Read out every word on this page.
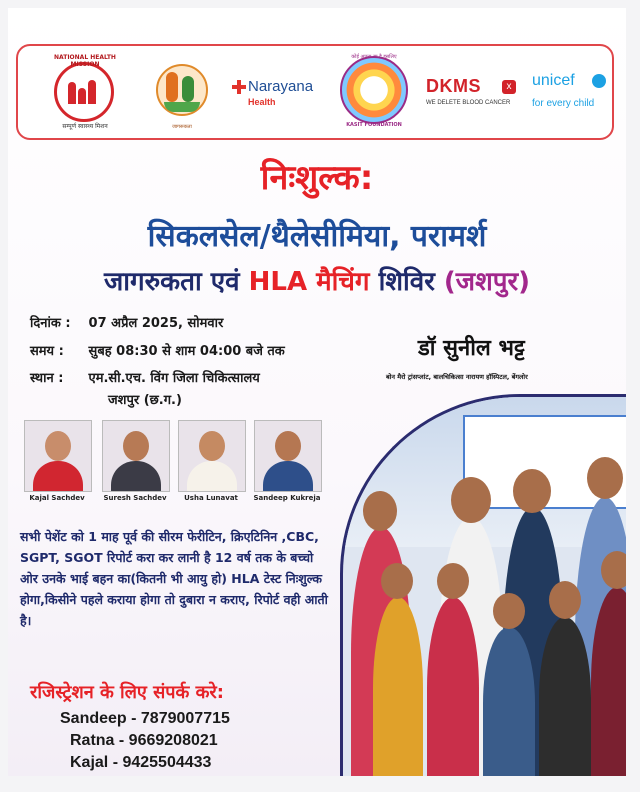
NATIONAL HEALTH MISSION
सम्पूर्ण स्वास्थ्य मिशन	जागरूकता
Narayana
Health
कोई अपना सा है इसलिए
KASIT FOUNDATION
DKMS	x
WE DELETE BLOOD CANCER
unicef
for every child
निःशुल्क:
सिकलसेल/थैलेसीमिया, परामर्श
जागरुकता एवं HLA मैचिंग शिविर (जशपुर)
दिनांक : 07 अप्रैल 2025, सोमवार
समय : सुबह 08:30 से शाम 04:00 बजे तक
स्थान : एम.सी.एच. विंग जिला चिकित्सालय
जशपुर (छ.ग.)
डॉ सुनील भट्ट
बोन मैरो ट्रांसप्लांट, बालचिकित्सा नारायण हॉस्पिटल, बेंगलोर
Kajal Sachdev	Suresh Sachdev	Usha Lunavat	Sandeep Kukreja
सभी पेशेंट को 1 माह पूर्व की सीरम फेरीटिन, क्रिएटिनिन ,CBC, SGPT, SGOT रिपोर्ट करा कर लानी है 12 वर्ष तक के बच्चो ओर उनके भाई बहन का(कितनी भी आयु हो) HLA टेस्ट निःशुल्क होगा,किसीने पहले कराया होगा तो दुबारा न कराए, रिपोर्ट वही आती है।
रजिस्ट्रेशन के लिए संपर्क करे:
Sandeep - 7879007715
Ratna - 9669208021
Kajal - 9425504433
